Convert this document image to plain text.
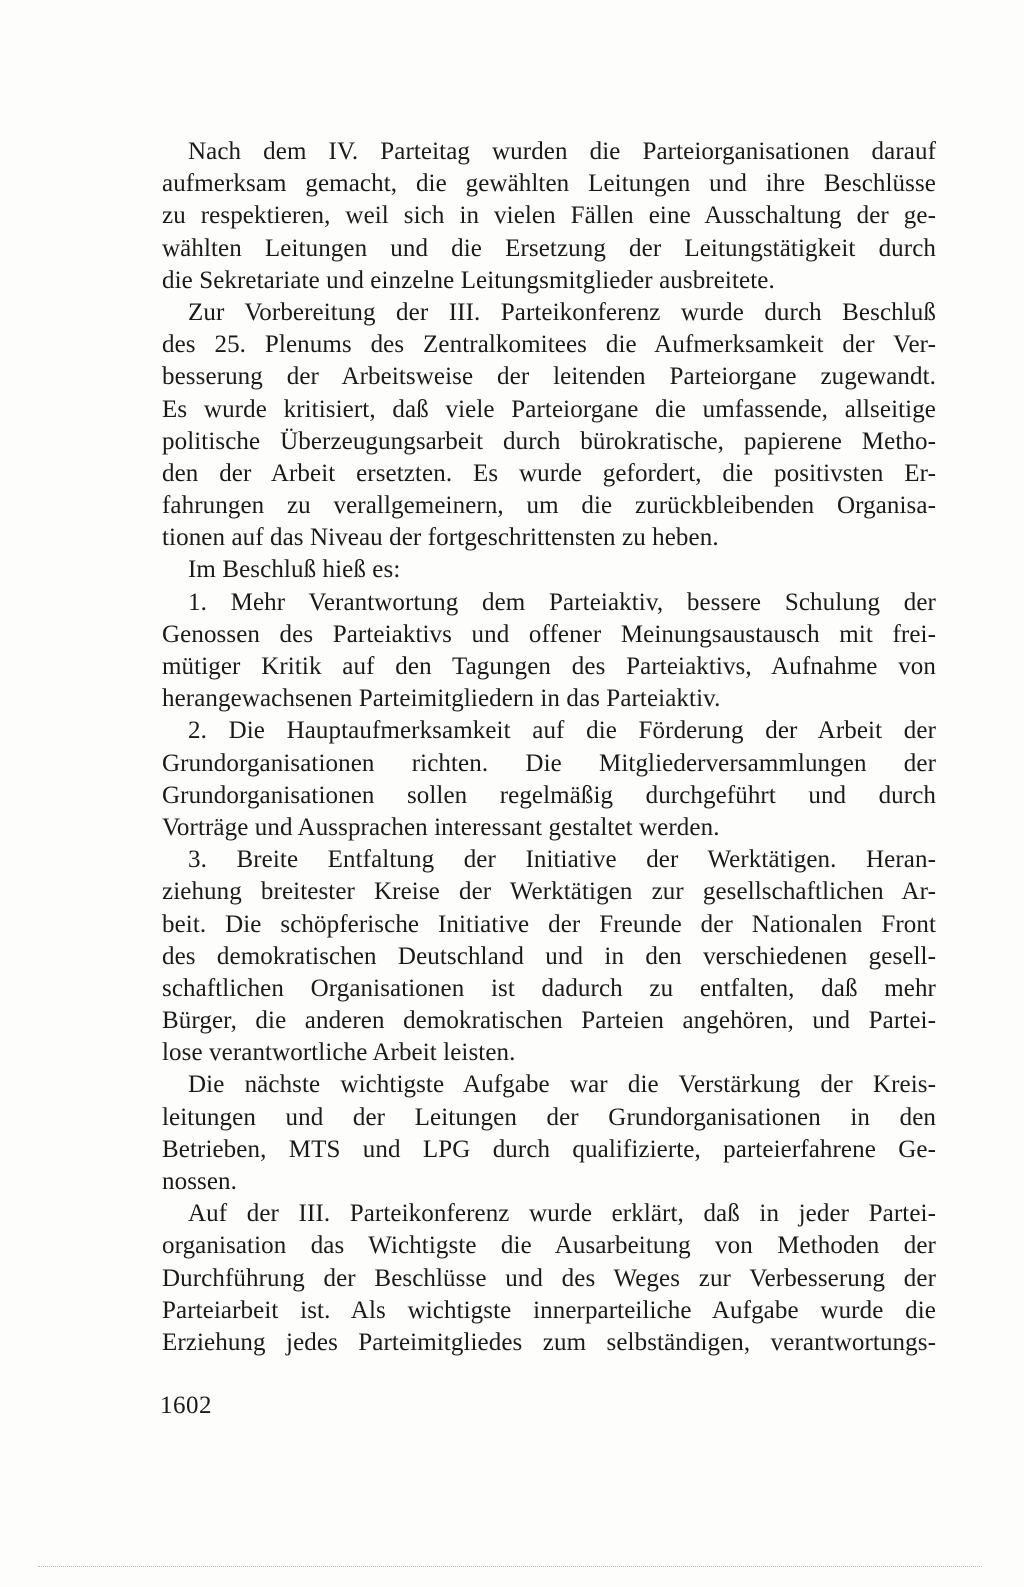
Nach dem IV. Parteitag wurden die Parteiorganisationen darauf
aufmerksam gemacht, die gewählten Leitungen und ihre Beschlüsse
zu respektieren, weil sich in vielen Fällen eine Ausschaltung der ge-
wählten Leitungen und die Ersetzung der Leitungstätigkeit durch
die Sekretariate und einzelne Leitungsmitglieder ausbreitete.
Zur Vorbereitung der III. Parteikonferenz wurde durch Beschluß
des 25. Plenums des Zentralkomitees die Aufmerksamkeit der Ver-
besserung der Arbeitsweise der leitenden Parteiorgane zugewandt.
Es wurde kritisiert, daß viele Parteiorgane die umfassende, allseitige
politische Überzeugungsarbeit durch bürokratische, papierene Metho-
den der Arbeit ersetzten. Es wurde gefordert, die positivsten Er-
fahrungen zu verallgemeinern, um die zurückbleibenden Organisa-
tionen auf das Niveau der fortgeschrittensten zu heben.
Im Beschluß hieß es:
1. Mehr Verantwortung dem Parteiaktiv, bessere Schulung der
Genossen des Parteiaktivs und offener Meinungsaustausch mit frei-
mütiger Kritik auf den Tagungen des Parteiaktivs, Aufnahme von
herangewachsenen Parteimitgliedern in das Parteiaktiv.
2. Die Hauptaufmerksamkeit auf die Förderung der Arbeit der
Grundorganisationen richten. Die Mitgliederversammlungen der
Grundorganisationen sollen regelmäßig durchgeführt und durch
Vorträge und Aussprachen interessant gestaltet werden.
3. Breite Entfaltung der Initiative der Werktätigen. Heran-
ziehung breitester Kreise der Werktätigen zur gesellschaftlichen Ar-
beit. Die schöpferische Initiative der Freunde der Nationalen Front
des demokratischen Deutschland und in den verschiedenen gesell-
schaftlichen Organisationen ist dadurch zu entfalten, daß mehr
Bürger, die anderen demokratischen Parteien angehören, und Partei-
lose verantwortliche Arbeit leisten.
Die nächste wichtigste Aufgabe war die Verstärkung der Kreis-
leitungen und der Leitungen der Grundorganisationen in den
Betrieben, MTS und LPG durch qualifizierte, parteierfahrene Ge-
nossen.
Auf der III. Parteikonferenz wurde erklärt, daß in jeder Partei-
organisation das Wichtigste die Ausarbeitung von Methoden der
Durchführung der Beschlüsse und des Weges zur Verbesserung der
Parteiarbeit ist. Als wichtigste innerparteiliche Aufgabe wurde die
Erziehung jedes Parteimitgliedes zum selbständigen, verantwortungs-
1602
